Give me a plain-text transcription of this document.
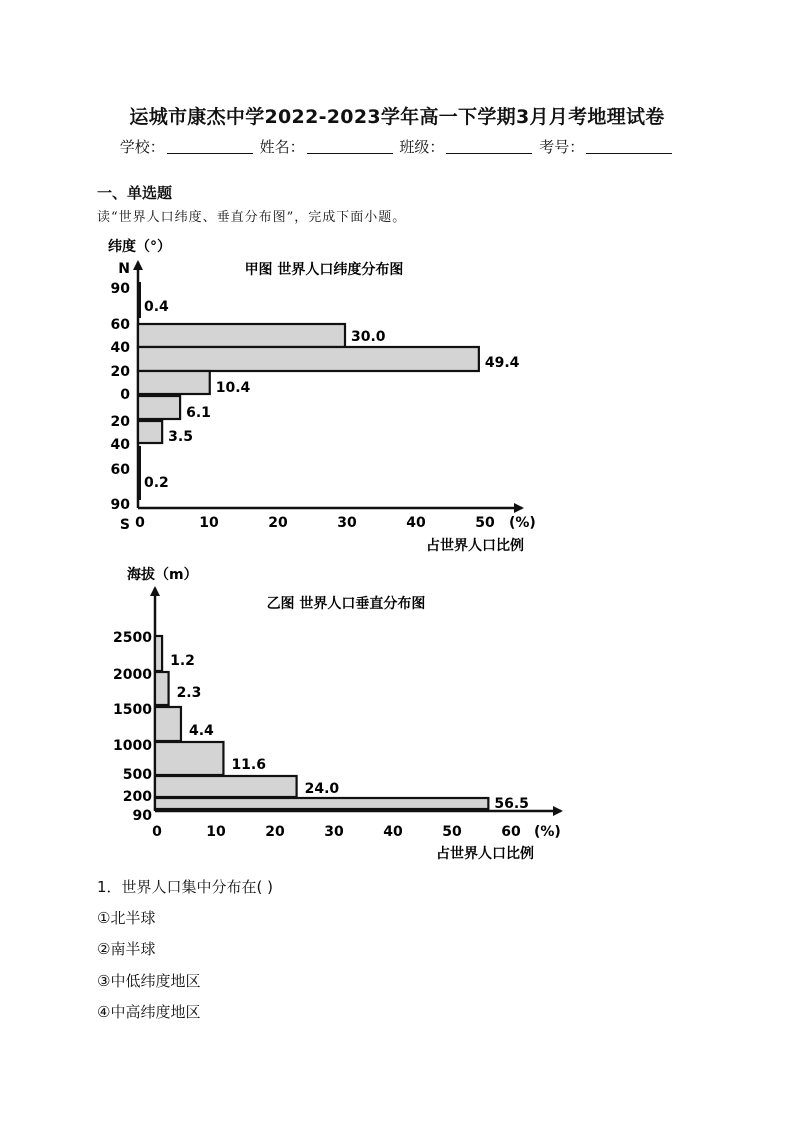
运城市康杰中学2022-2023学年高一下学期3月月考地理试卷
学校：	姓名：	班级：	考号：
一、单选题
读“世界人口纬度、垂直分布图”，完成下面小题。
甲图 世界人口纬度分布图
纬度（°）
N
90
60
40
20
0
20
40
60
90
S 0	10	20	30	40	50
0.4
30.0
49.4
10.4
6.1
3.5
0.2
(%)
占世界人口比例
海拔（m）
乙图 世界人口垂直分布图
2500
2000
1500
1000
500
200
90
0	10	20	30	40	50	60
1.2
2.3
4.4
11.6
24.0
56.5
(%)
占世界人口比例
1．世界人口集中分布在( )
①北半球
②南半球
③中低纬度地区
④中高纬度地区
